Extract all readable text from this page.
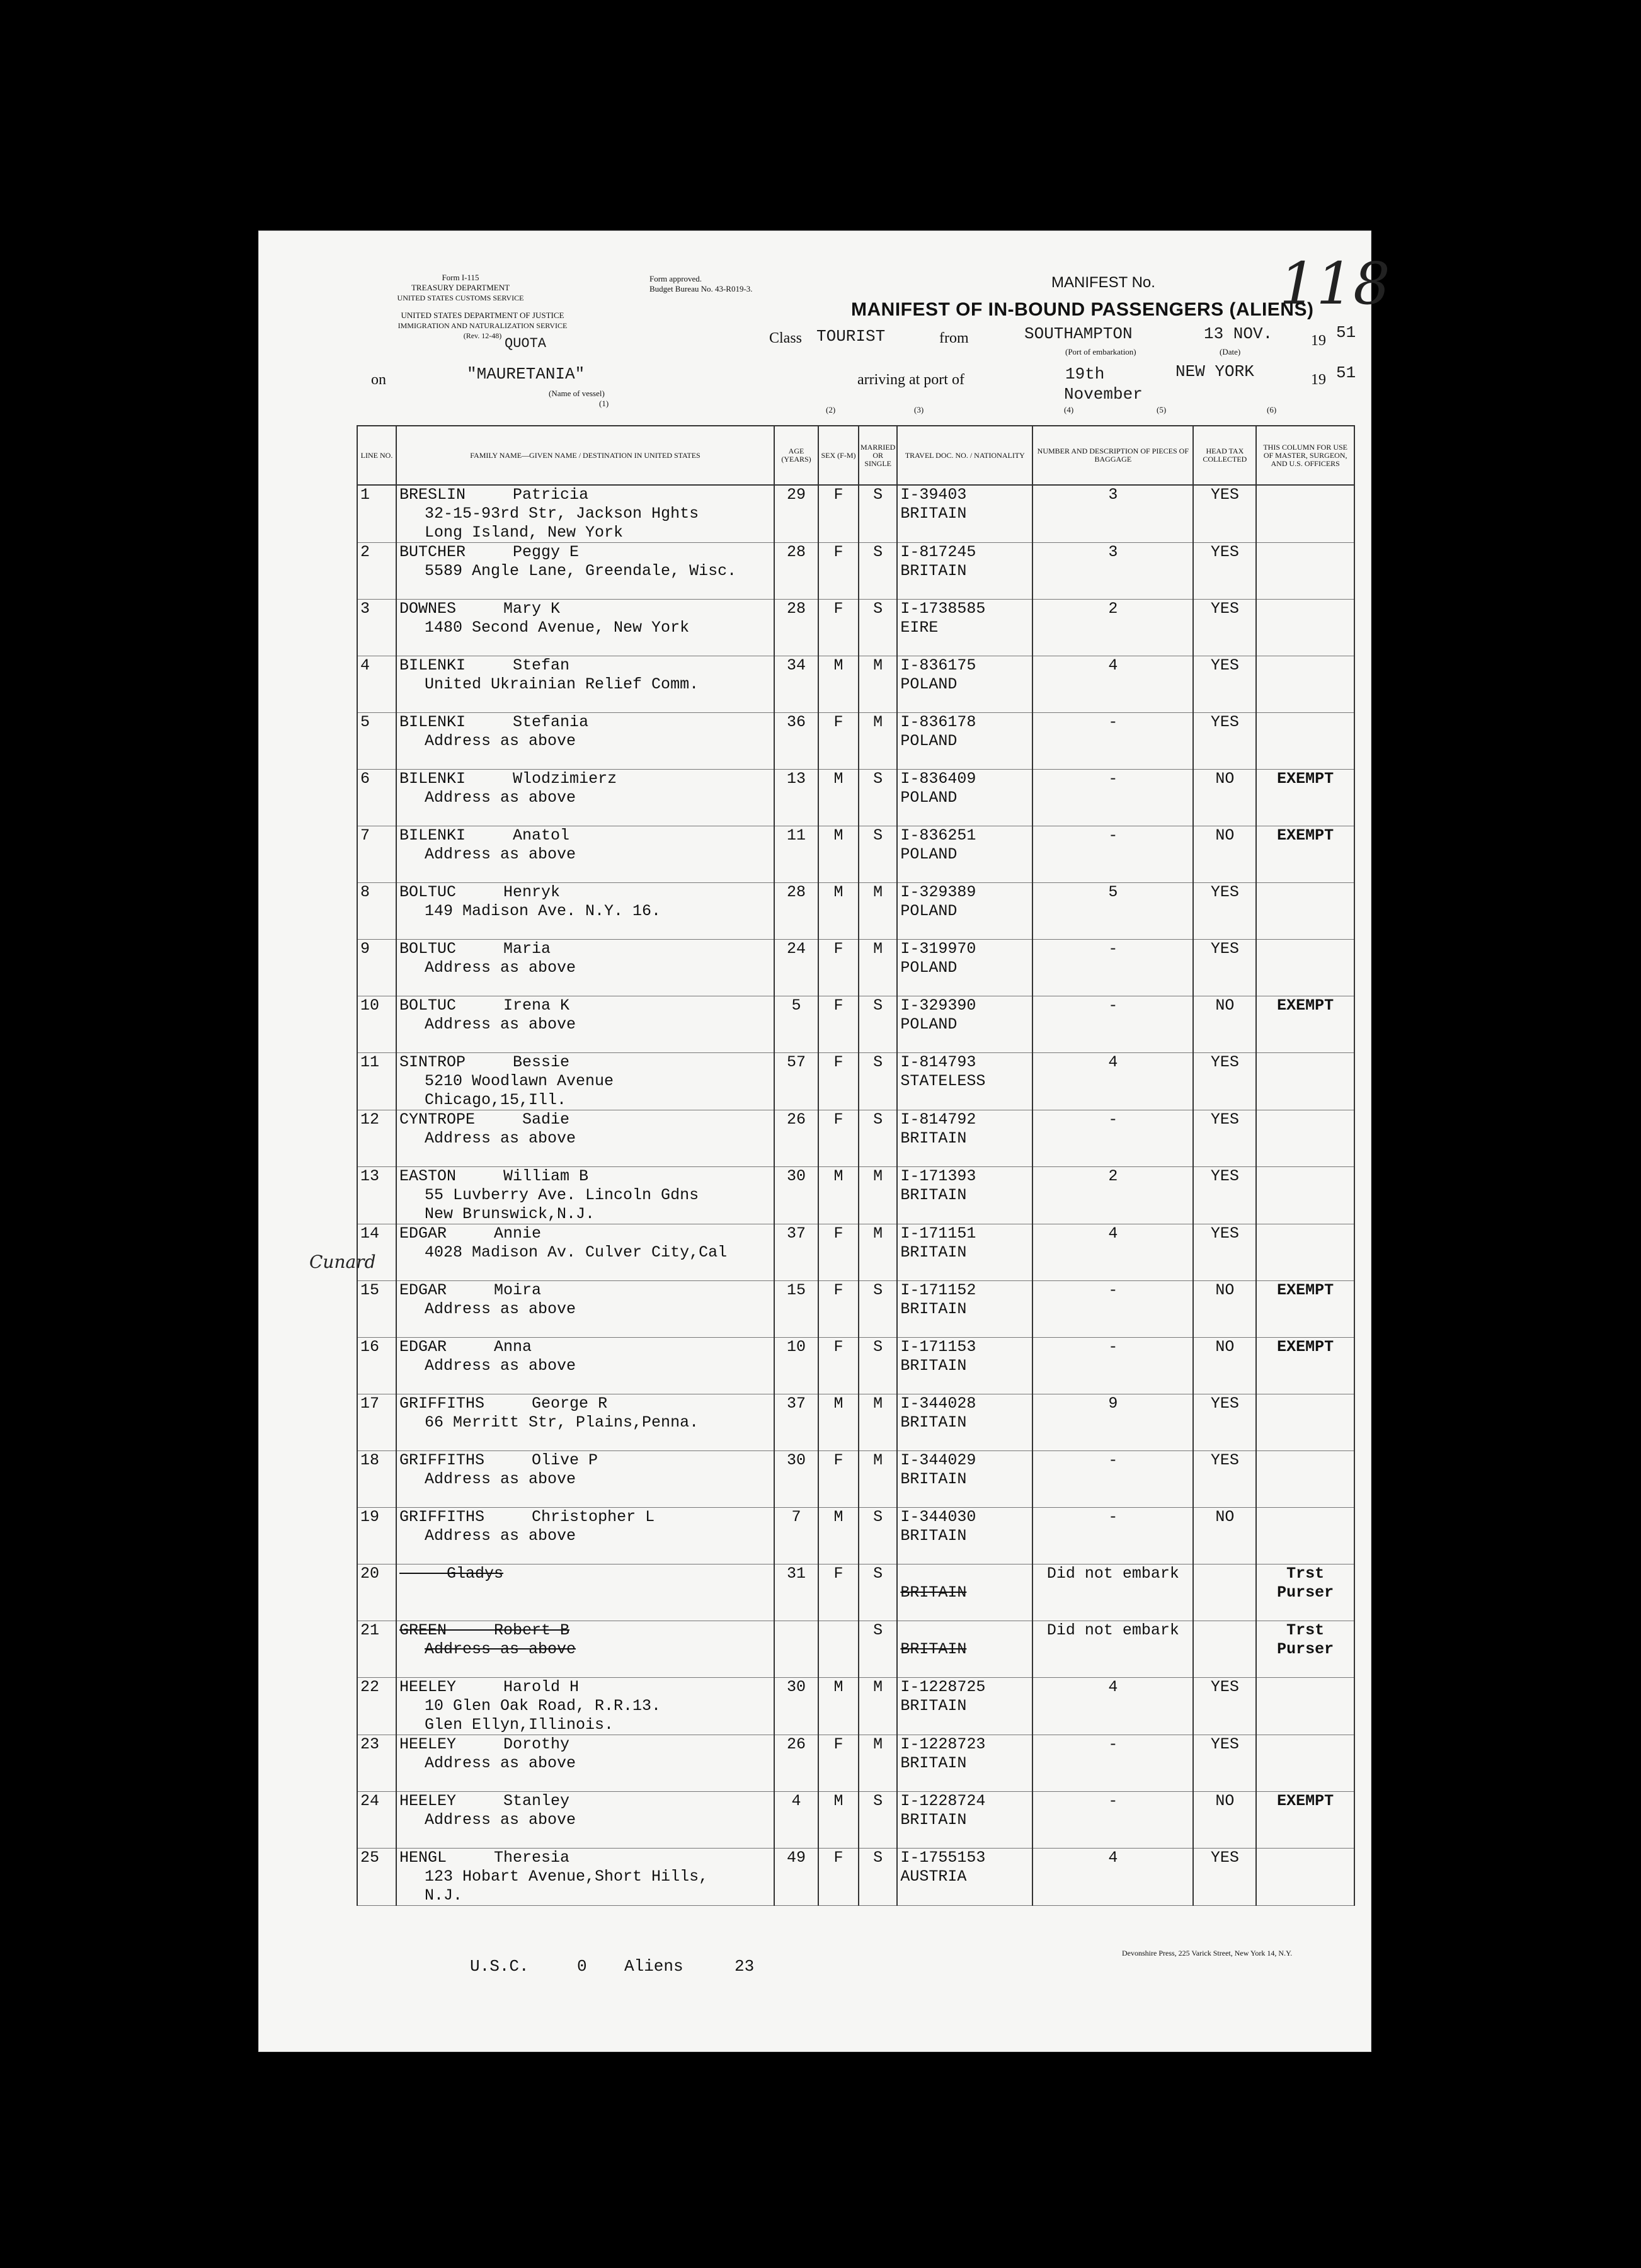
Form I-115
TREASURY DEPARTMENT
UNITED STATES CUSTOMS SERVICE
UNITED STATES DEPARTMENT OF JUSTICE
IMMIGRATION AND NATURALIZATION SERVICE
(Rev. 12-48)
Form approved.
Budget Bureau No. 43-R019-3.	MANIFEST No. 118
MANIFEST OF IN-BOUND PASSENGERS (ALIENS)
Class TOURIST
QUOTA	from	SOUTHAMPTON
(Port of embarkation)
13 NOV.
(Date)
19 51
on	"MAURETANIA"
(Name of vessel)
(1)
arriving at port of	19th	NEW YORK
November
19 51
(2)	(3)	(4)	(5)	(6)
LINE NO.	FAMILY NAME—GIVEN NAME / DESTINATION IN UNITED STATES	AGE (YEARS)	SEX (F-M)	MARRIED OR SINGLE	TRAVEL DOC. NO. / NATIONALITY	NUMBER AND DESCRIPTION OF PIECES OF BAGGAGE	HEAD TAX COLLECTED	THIS COLUMN FOR USE OF MASTER, SURGEON, AND U.S. OFFICERS
1	BRESLIN Patricia
32-15-93rd Str, Jackson Hghts
Long Island, New York	29	F	S	I-39403
BRITAIN	3	YES	
2	BUTCHER Peggy E
5589 Angle Lane, Greendale, Wisc.	28	F	S	I-817245
BRITAIN	3	YES	
3	DOWNES Mary K
1480 Second Avenue, New York	28	F	S	I-1738585
EIRE	2	YES	
4	BILENKI Stefan
United Ukrainian Relief Comm.	34	M	M	I-836175
POLAND	4	YES	
5	BILENKI Stefania
Address as above	36	F	M	I-836178
POLAND	-	YES	
6	BILENKI Wlodzimierz
Address as above	13	M	S	I-836409
POLAND	-	NO	EXEMPT
7	BILENKI Anatol
Address as above	11	M	S	I-836251
POLAND	-	NO	EXEMPT
8	BOLTUC Henryk
149 Madison Ave. N.Y. 16.	28	M	M	I-329389
POLAND	5	YES	
9	BOLTUC Maria
Address as above	24	F	M	I-319970
POLAND	-	YES	
10	BOLTUC Irena K
Address as above	5	F	S	I-329390
POLAND	-	NO	EXEMPT
11	SINTROP Bessie
5210 Woodlawn Avenue
Chicago,15,Ill.	57	F	S	I-814793
STATELESS	4	YES	
12	CYNTROPE Sadie
Address as above	26	F	S	I-814792
BRITAIN	-	YES	
13	EASTON William B
55 Luvberry Ave. Lincoln Gdns
New Brunswick,N.J.	30	M	M	I-171393
BRITAIN	2	YES	
14	EDGAR Annie
4028 Madison Av. Culver City,Cal	37	F	M	I-171151
BRITAIN	4	YES	
15	EDGAR Moira
Address as above	15	F	S	I-171152
BRITAIN	-	NO	EXEMPT
16	EDGAR Anna
Address as above	10	F	S	I-171153
BRITAIN	-	NO	EXEMPT
17	GRIFFITHS George R
66 Merritt Str, Plains,Penna.	37	M	M	I-344028
BRITAIN	9	YES	
18	GRIFFITHS Olive P
Address as above	30	F	M	I-344029
BRITAIN	-	YES	
19	GRIFFITHS Christopher L
Address as above	7	M	S	I-344030
BRITAIN	-	NO	
20	Gladys	31	F	S	BRITAIN	Did not embark		Trst Purser
21	GREEN Robert B
Address as above			S	BRITAIN	Did not embark		Trst Purser
22	HEELEY Harold H
10 Glen Oak Road, R.R.13.
Glen Ellyn,Illinois.	30	M	M	I-1228725
BRITAIN	4	YES	
23	HEELEY Dorothy
Address as above	26	F	M	I-1228723
BRITAIN	-	YES	
24	HEELEY Stanley
Address as above	4	M	S	I-1228724
BRITAIN	-	NO	EXEMPT
25	HENGL Theresia
123 Hobart Avenue,Short Hills,
N.J.	49	F	S	I-1755153
AUSTRIA	4	YES	
U.S.C.	0 Aliens	23
Devonshire Press, 225 Varick Street, New York 14, N.Y.
Cunard
